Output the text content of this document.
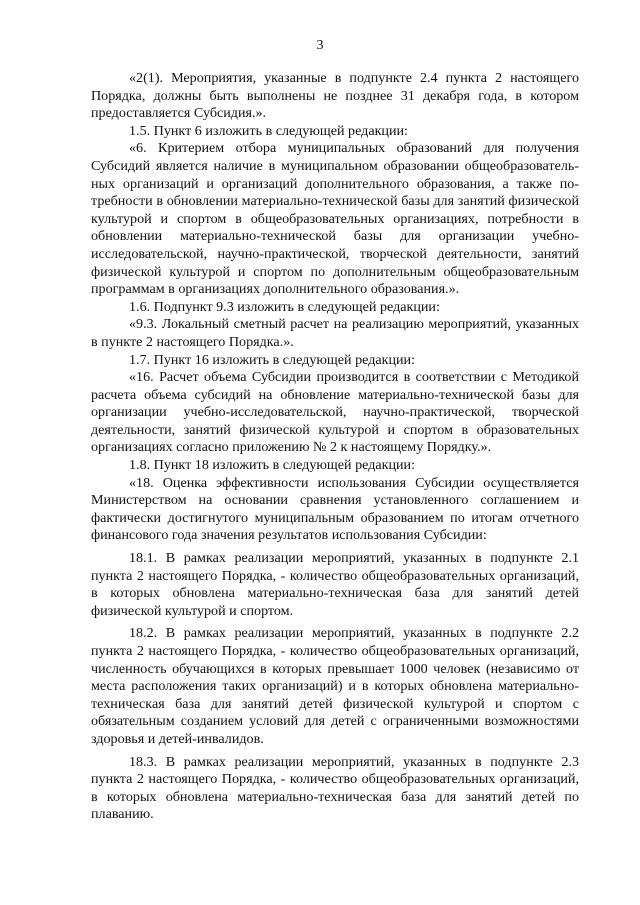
3

«2(1). Мероприятия, указанные в подпункте 2.4 пункта 2 настоящего Порядка, должны быть выполнены не позднее 31 декабря года, в котором предоставляется Субсидия.».

1.5. Пункт 6 изложить в следующей редакции:

«6. Критерием отбора муниципальных образований для получения Субсидий является наличие в муниципальном образовании общеобразовательных организаций и организаций дополнительного образования, а также потребности в обновлении материально-технической базы для занятий физической культурой и спортом в общеобразовательных организациях, потребности в обновлении материально-технической базы для организации учебно-исследовательской, научно-практической, творческой деятельности, занятий физической культурой и спортом по дополнительным общеобразовательным программам в организациях дополнительного образования.».

1.6. Подпункт 9.3 изложить в следующей редакции:

«9.3. Локальный сметный расчет на реализацию мероприятий, указанных в пункте 2 настоящего Порядка.».

1.7. Пункт 16 изложить в следующей редакции:

«16. Расчет объема Субсидии производится в соответствии с Методикой расчета объема субсидий на обновление материально-технической базы для организации учебно-исследовательской, научно-практической, творческой деятельности, занятий физической культурой и спортом в образовательных организациях согласно приложению № 2 к настоящему Порядку.».

1.8. Пункт 18 изложить в следующей редакции:

«18. Оценка эффективности использования Субсидии осуществляется Министерством на основании сравнения установленного соглашением и фактически достигнутого муниципальным образованием по итогам отчетного финансового года значения результатов использования Субсидии:

18.1. В рамках реализации мероприятий, указанных в подпункте 2.1 пункта 2 настоящего Порядка, - количество общеобразовательных организаций, в которых обновлена материально-техническая база для занятий детей физической культурой и спортом.

18.2. В рамках реализации мероприятий, указанных в подпункте 2.2 пункта 2 настоящего Порядка, - количество общеобразовательных организаций, численность обучающихся в которых превышает 1000 человек (независимо от места расположения таких организаций) и в которых обновлена материально-техническая база для занятий детей физической культурой и спортом с обязательным созданием условий для детей с ограниченными возможностями здоровья и детей-инвалидов.

18.3. В рамках реализации мероприятий, указанных в подпункте 2.3 пункта 2 настоящего Порядка, - количество общеобразовательных организаций, в которых обновлена материально-техническая база для занятий детей по плаванию.
